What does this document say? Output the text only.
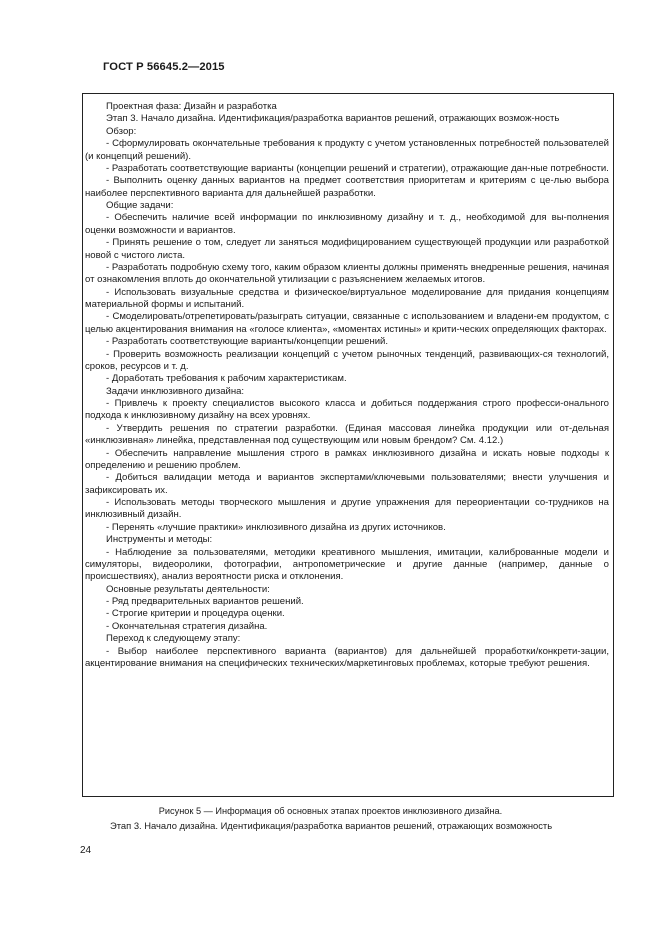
ГОСТ Р 56645.2—2015

Проектная фаза: Дизайн и разработка

Этап 3. Начало дизайна. Идентификация/разработка вариантов решений, отражающих возмож-ность

Обзор:

- Сформулировать окончательные требования к продукту с учетом установленных потребностей пользователей (и концепций решений).

- Разработать соответствующие варианты (концепции решений и стратегии), отражающие дан-ные потребности.

- Выполнить оценку данных вариантов на предмет соответствия приоритетам и критериям с це-лью выбора наиболее перспективного варианта для дальнейшей разработки.

Общие задачи:

- Обеспечить наличие всей информации по инклюзивному дизайну и т. д., необходимой для вы-полнения оценки возможности и вариантов.

- Принять решение о том, следует ли заняться модифицированием существующей продукции или разработкой новой с чистого листа.

- Разработать подробную схему того, каким образом клиенты должны применять внедренные решения, начиная от ознакомления вплоть до окончательной утилизации с разъяснением желаемых итогов.

- Использовать визуальные средства и физическое/виртуальное моделирование для придания концепциям материальной формы и испытаний.

- Смоделировать/отрепетировать/разыграть ситуации, связанные с использованием и владени-ем продуктом, с целью акцентирования внимания на «голосе клиента», «моментах истины» и крити-ческих определяющих факторах.

- Разработать соответствующие варианты/концепции решений.

- Проверить возможность реализации концепций с учетом рыночных тенденций, развивающих-ся технологий, сроков, ресурсов и т. д.

- Доработать требования к рабочим характеристикам.

Задачи инклюзивного дизайна:

- Привлечь к проекту специалистов высокого класса и добиться поддержания строго професси-онального подхода к инклюзивному дизайну на всех уровнях.

- Утвердить решения по стратегии разработки. (Единая массовая линейка продукции или от-дельная «инклюзивная» линейка, представленная под существующим или новым брендом? См. 4.12.)

- Обеспечить направление мышления строго в рамках инклюзивного дизайна и искать новые подходы к определению и решению проблем.

- Добиться валидации метода и вариантов экспертами/ключевыми пользователями; внести улучшения и зафиксировать их.

- Использовать методы творческого мышления и другие упражнения для переориентации со-трудников на инклюзивный дизайн.

- Перенять «лучшие практики» инклюзивного дизайна из других источников.

Инструменты и методы:

- Наблюдение за пользователями, методики креативного мышления, имитации, калиброванные модели и симуляторы, видеоролики, фотографии, антропометрические и другие данные (например, данные о происшествиях), анализ вероятности риска и отклонения.

Основные результаты деятельности:

- Ряд предварительных вариантов решений.

- Строгие критерии и процедура оценки.

- Окончательная стратегия дизайна.

Переход к следующему этапу:

- Выбор наиболее перспективного варианта (вариантов) для дальнейшей проработки/конкрети-зации, акцентирование внимания на специфических технических/маркетинговых проблемах, которые требуют решения.

Рисунок 5 — Информация об основных этапах проектов инклюзивного дизайна.
Этап 3. Начало дизайна. Идентификация/разработка вариантов решений, отражающих возможность
24
